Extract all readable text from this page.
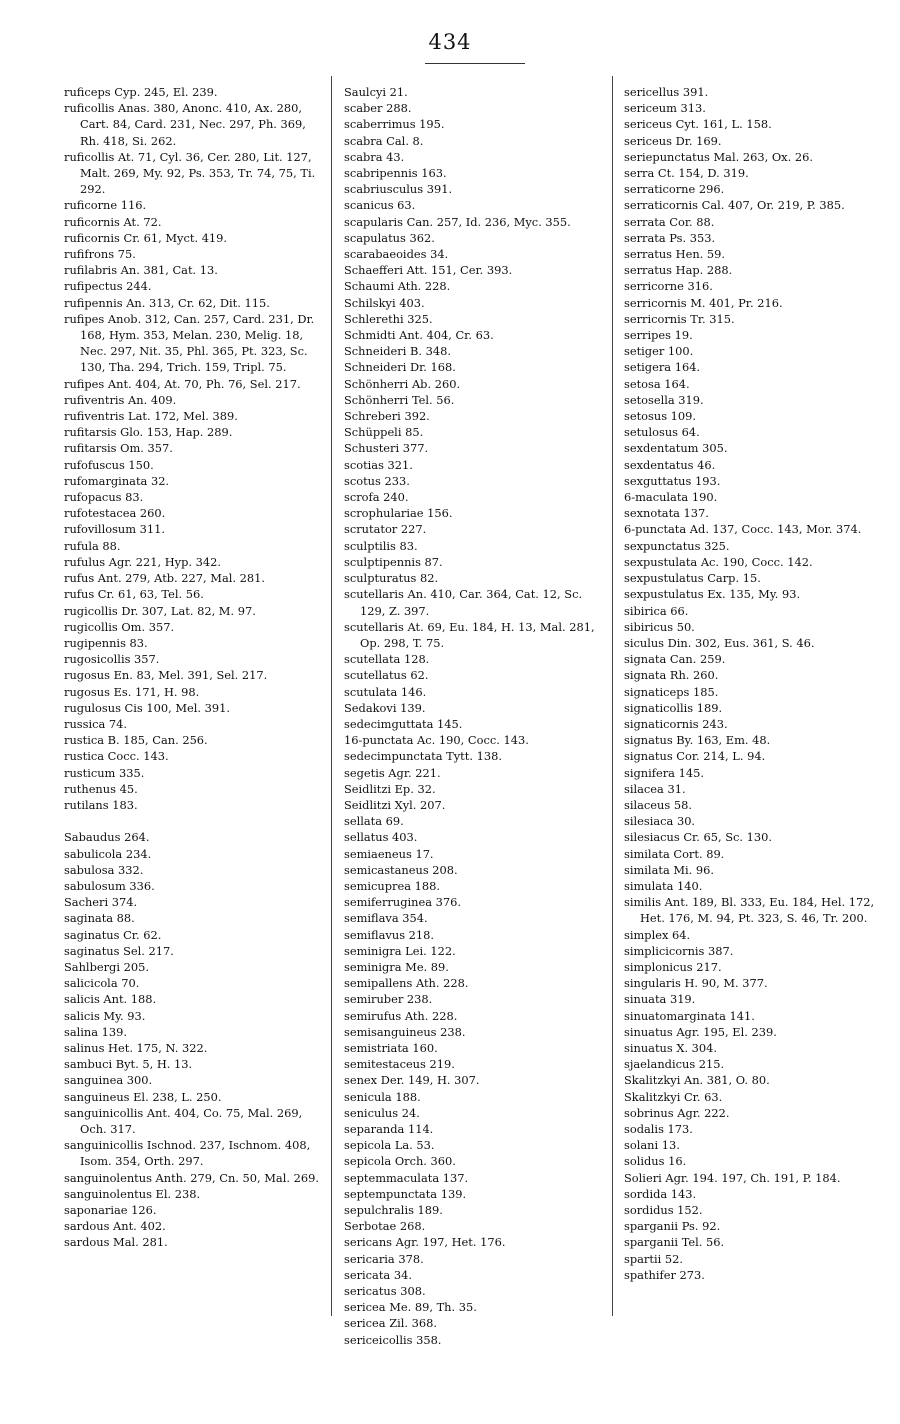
434
ruficeps Cyp. 245, El. 239.
ruficollis Anas. 380, Anonc. 410, Ax. 280, Cart. 84, Card. 231, Nec. 297, Ph. 369, Rh. 418, Si. 262.
ruficollis At. 71, Cyl. 36, Cer. 280, Lit. 127, Malt. 269, My. 92, Ps. 353, Tr. 74, 75, Ti. 292.
ruficorne 116.
ruficornis At. 72.
ruficornis Cr. 61, Myct. 419.
rufifrons 75.
rufilabris An. 381, Cat. 13.
rufipectus 244.
rufipennis An. 313, Cr. 62, Dit. 115.
rufipes Anob. 312, Can. 257, Card. 231, Dr. 168, Hym. 353, Melan. 230, Melig. 18, Nec. 297, Nit. 35, Phl. 365, Pt. 323, Sc. 130, Tha. 294, Trich. 159, Tripl. 75.
rufipes Ant. 404, At. 70, Ph. 76, Sel. 217.
rufiventris An. 409.
rufiventris Lat. 172, Mel. 389.
rufitarsis Glo. 153, Hap. 289.
rufitarsis Om. 357.
rufofuscus 150.
rufomarginata 32.
rufopacus 83.
rufotestacea 260.
rufovillosum 311.
rufula 88.
rufulus Agr. 221, Hyp. 342.
rufus Ant. 279, Atb. 227, Mal. 281.
rufus Cr. 61, 63, Tel. 56.
rugicollis Dr. 307, Lat. 82, M. 97.
rugicollis Om. 357.
rugipennis 83.
rugosicollis 357.
rugosus En. 83, Mel. 391, Sel. 217.
rugosus Es. 171, H. 98.
rugulosus Cis 100, Mel. 391.
russica 74.
rustica B. 185, Can. 256.
rustica Cocc. 143.
rusticum 335.
ruthenus 45.
rutilans 183.
Sabaudus 264.
sabulicola 234.
sabulosa 332.
sabulosum 336.
Sacheri 374.
saginata 88.
saginatus Cr. 62.
saginatus Sel. 217.
Sahlbergi 205.
salicicola 70.
salicis Ant. 188.
salicis My. 93.
salina 139.
salinus Het. 175, N. 322.
sambuci Byt. 5, H. 13.
sanguinea 300.
sanguineus El. 238, L. 250.
sanguinicollis Ant. 404, Co. 75, Mal. 269, Och. 317.
sanguinicollis Ischnod. 237, Ischnom. 408, Isom. 354, Orth. 297.
sanguinolentus Anth. 279, Cn. 50, Mal. 269.
sanguinolentus El. 238.
saponariae 126.
sardous Ant. 402.
sardous Mal. 281.
Saulcyi 21.
scaber 288.
scaberrimus 195.
scabra Cal. 8.
scabra 43.
scabripennis 163.
scabriusculus 391.
scanicus 63.
scapularis Can. 257, Id. 236, Myc. 355.
scapulatus 362.
scarabaeoides 34.
Schaefferi Att. 151, Cer. 393.
Schaumi Ath. 228.
Schilskyi 403.
Schlerethi 325.
Schmidti Ant. 404, Cr. 63.
Schneideri B. 348.
Schneideri Dr. 168.
Schönherri Ab. 260.
Schönherri Tel. 56.
Schreberi 392.
Schüppeli 85.
Schusteri 377.
scotias 321.
scotus 233.
scrofa 240.
scrophulariae 156.
scrutator 227.
sculptilis 83.
sculptipennis 87.
sculpturatus 82.
scutellaris An. 410, Car. 364, Cat. 12, Sc. 129, Z. 397.
scutellaris At. 69, Eu. 184, H. 13, Mal. 281, Op. 298, T. 75.
scutellata 128.
scutellatus 62.
scutulata 146.
Sedakovi 139.
sedecimguttata 145.
16-punctata Ac. 190, Cocc. 143.
sedecimpunctata Tytt. 138.
segetis Agr. 221.
Seidlitzi Ep. 32.
Seidlitzi Xyl. 207.
sellata 69.
sellatus 403.
semiaeneus 17.
semicastaneus 208.
semicuprea 188.
semiferruginea 376.
semiflava 354.
semiflavus 218.
seminigra Lei. 122.
seminigra Me. 89.
semipallens Ath. 228.
semiruber 238.
semirufus Ath. 228.
semisanguineus 238.
semistriata 160.
semitestaceus 219.
senex Der. 149, H. 307.
senicula 188.
seniculus 24.
separanda 114.
sepicola La. 53.
sepicola Orch. 360.
septemmaculata 137.
septempunctata 139.
sepulchralis 189.
Serbotae 268.
sericans Agr. 197, Het. 176.
sericaria 378.
sericata 34.
sericatus 308.
sericea Me. 89, Th. 35.
sericea Zil. 368.
sericeicollis 358.
sericellus 391.
sericeum 313.
sericeus Cyt. 161, L. 158.
sericeus Dr. 169.
seriepunctatus Mal. 263, Ox. 26.
serra Ct. 154, D. 319.
serraticorne 296.
serraticornis Cal. 407, Or. 219, P. 385.
serrata Cor. 88.
serrata Ps. 353.
serratus Hen. 59.
serratus Hap. 288.
serricorne 316.
serricornis M. 401, Pr. 216.
serricornis Tr. 315.
serripes 19.
setiger 100.
setigera 164.
setosa 164.
setosella 319.
setosus 109.
setulosus 64.
sexdentatum 305.
sexdentatus 46.
sexguttatus 193.
6-maculata 190.
sexnotata 137.
6-punctata Ad. 137, Cocc. 143, Mor. 374.
sexpunctatus 325.
sexpustulata Ac. 190, Cocc. 142.
sexpustulatus Carp. 15.
sexpustulatus Ex. 135, My. 93.
sibirica 66.
sibiricus 50.
siculus Din. 302, Eus. 361, S. 46.
signata Can. 259.
signata Rh. 260.
signaticeps 185.
signaticollis 189.
signaticornis 243.
signatus By. 163, Em. 48.
signatus Cor. 214, L. 94.
signifera 145.
silacea 31.
silaceus 58.
silesiaca 30.
silesiacus Cr. 65, Sc. 130.
similata Cort. 89.
similata Mi. 96.
simulata 140.
similis Ant. 189, Bl. 333, Eu. 184, Hel. 172, Het. 176, M. 94, Pt. 323, S. 46, Tr. 200.
simplex 64.
simplicicornis 387.
simplonicus 217.
singularis H. 90, M. 377.
sinuata 319.
sinuatomarginata 141.
sinuatus Agr. 195, El. 239.
sinuatus X. 304.
sjaelandicus 215.
Skalitzkyi An. 381, O. 80.
Skalitzkyi Cr. 63.
sobrinus Agr. 222.
sodalis 173.
solani 13.
solidus 16.
Solieri Agr. 194. 197, Ch. 191, P. 184.
sordida 143.
sordidus 152.
sparganii Ps. 92.
sparganii Tel. 56.
spartii 52.
spathifer 273.
